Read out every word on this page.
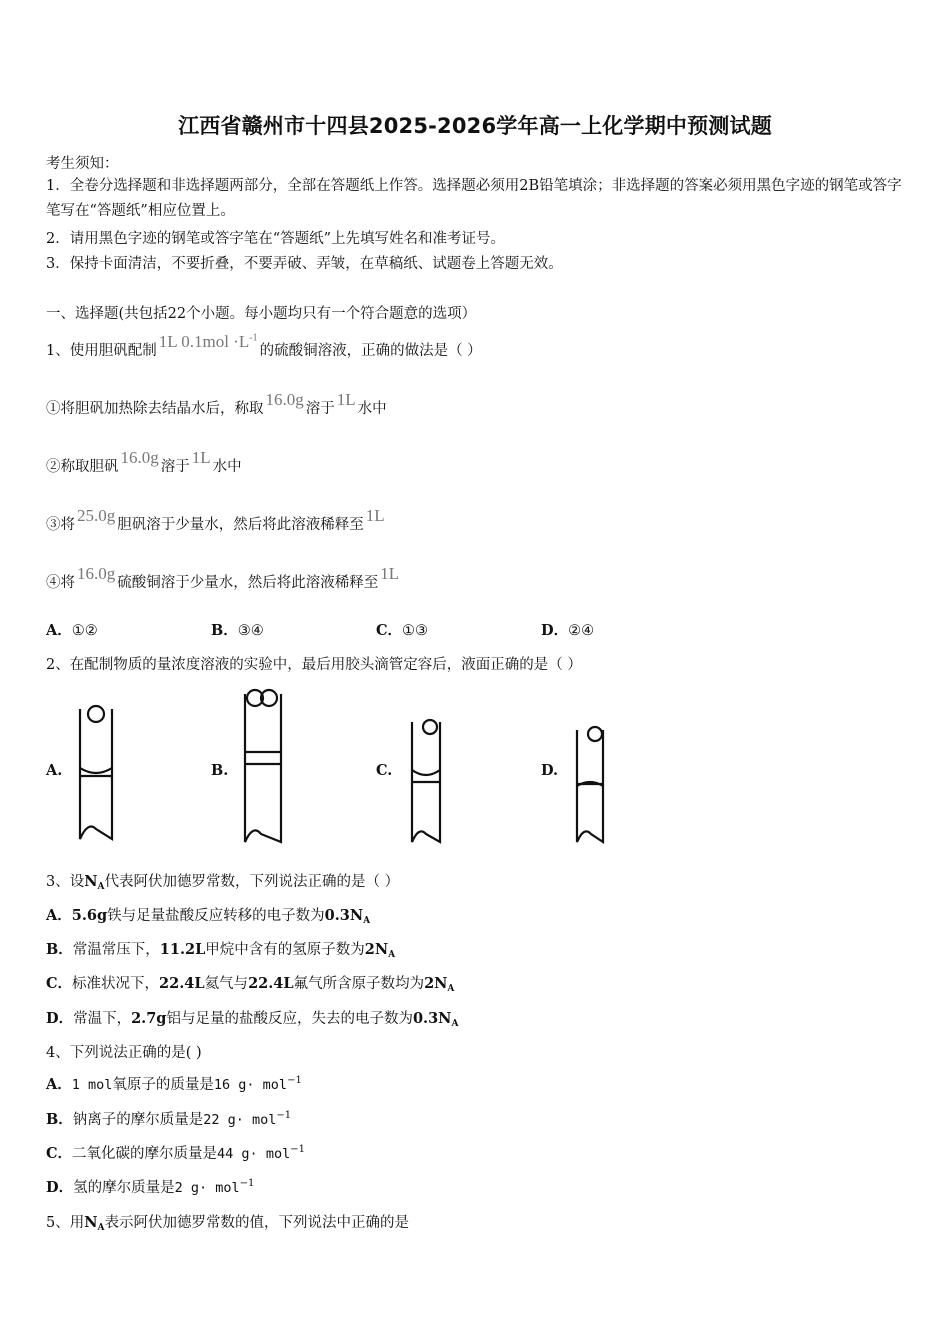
江西省赣州市十四县2025-2026学年高一上化学期中预测试题
考生须知：
1．全卷分选择题和非选择题两部分，全部在答题纸上作答。选择题必须用2B铅笔填涂；非选择题的答案必须用黑色字迹的钢笔或答字笔写在“答题纸”相应位置上。
2．请用黑色字迹的钢笔或答字笔在“答题纸”上先填写姓名和准考证号。
3．保持卡面清洁，不要折叠，不要弄破、弄皱，在草稿纸、试题卷上答题无效。
一、选择题(共包括22个小题。每小题均只有一个符合题意的选项）
1、使用胆矾配制 1L $0.1mol \cdot L^{-1}$的硫酸铜溶液，正确的做法是（ ）
①将胆矾加热除去结晶水后，称取 16.0g 溶于 1L 水中
②称取胆矾 16.0g 溶于 1L 水中
③将 25.0g 胆矾溶于少量水，然后将此溶液稀释至 1L
④将 16.0g 硫酸铜溶于少量水，然后将此溶液稀释至 1L
A．①②	B．③④	C．①③	D．②④
2、在配制物质的量浓度溶液的实验中，最后用胶头滴管定容后，液面正确的是（ ）
A.	B.	C.	D.
3、设$N_A$代表阿伏加德罗常数，下列说法正确的是（ ）
A．5.6g铁与足量盐酸反应转移的电子数为$0.3N_A$
B．常温常压下，11.2L甲烷中含有的氢原子数为$2N_A$
C．标准状况下，22.4L氦气与22.4L氟气所含原子数均为$2N_A$
D．常温下，2.7g铝与足量的盐酸反应，失去的电子数为$0.3N_A$
4、下列说法正确的是( )
A．1 mol氧原子的质量是16 g· mol$^{-1}$
B．钠离子的摩尔质量是22 g· mol$^{-1}$
C．二氧化碳的摩尔质量是44 g· mol$^{-1}$
D．氢的摩尔质量是2 g· mol$^{-1}$
5、用$N_A$表示阿伏加德罗常数的值，下列说法中正确的是
